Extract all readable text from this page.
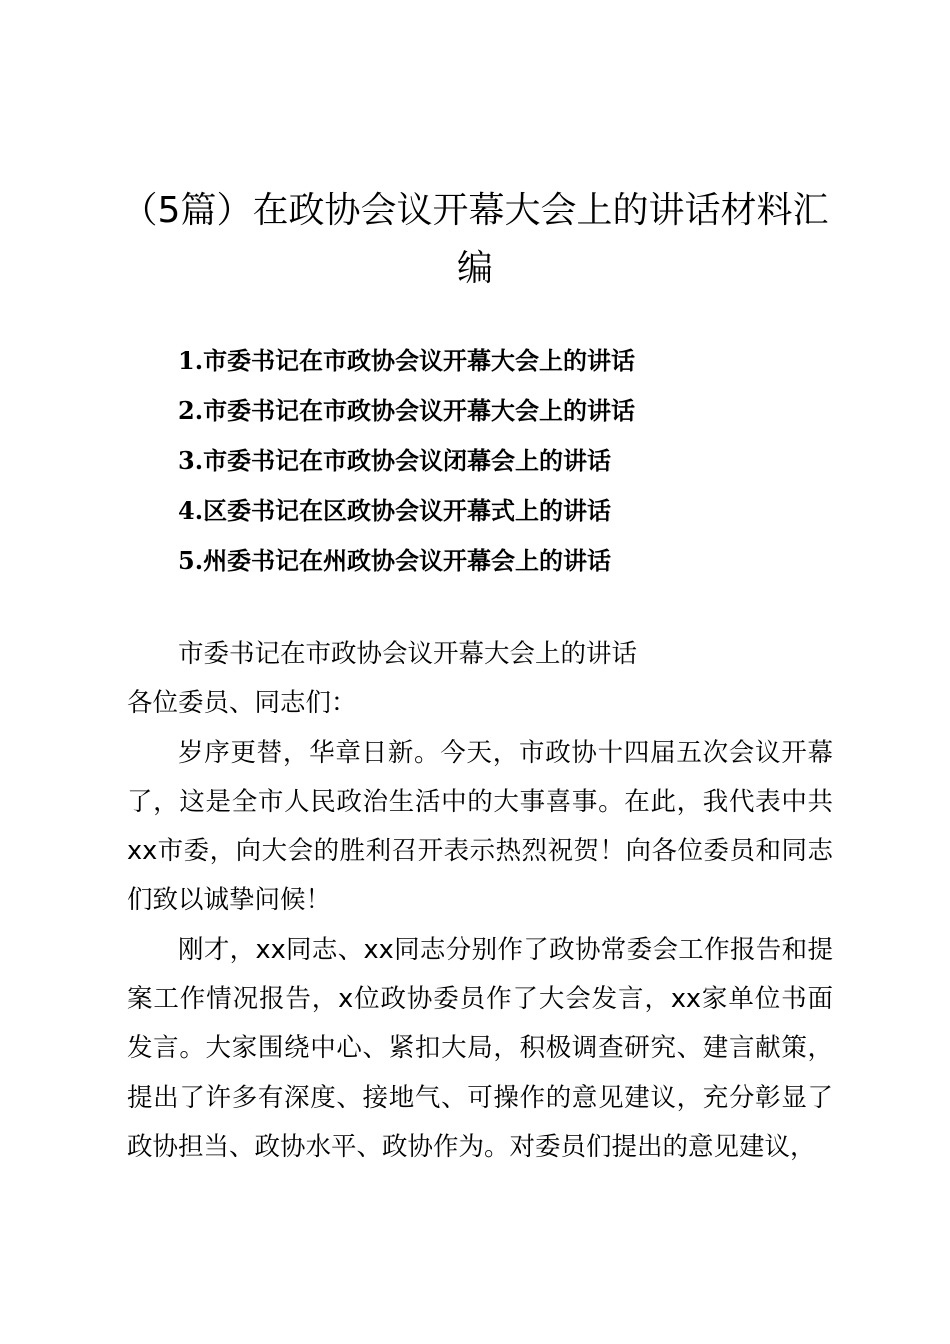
（5篇）在政协会议开幕大会上的讲话材料汇编
1.市委书记在市政协会议开幕大会上的讲话
2.市委书记在市政协会议开幕大会上的讲话
3.市委书记在市政协会议闭幕会上的讲话
4.区委书记在区政协会议开幕式上的讲话
5.州委书记在州政协会议开幕会上的讲话

市委书记在市政协会议开幕大会上的讲话

各位委员、同志们：

岁序更替，华章日新。今天，市政协十四届五次会议开幕了，这是全市人民政治生活中的大事喜事。在此，我代表中共xx市委，向大会的胜利召开表示热烈祝贺！向各位委员和同志们致以诚挚问候！

刚才，xx同志、xx同志分别作了政协常委会工作报告和提案工作情况报告，x位政协委员作了大会发言，xx家单位书面发言。大家围绕中心、紧扣大局，积极调查研究、建言献策，提出了许多有深度、接地气、可操作的意见建议，充分彰显了政协担当、政协水平、政协作为。对委员们提出的意见建议，
